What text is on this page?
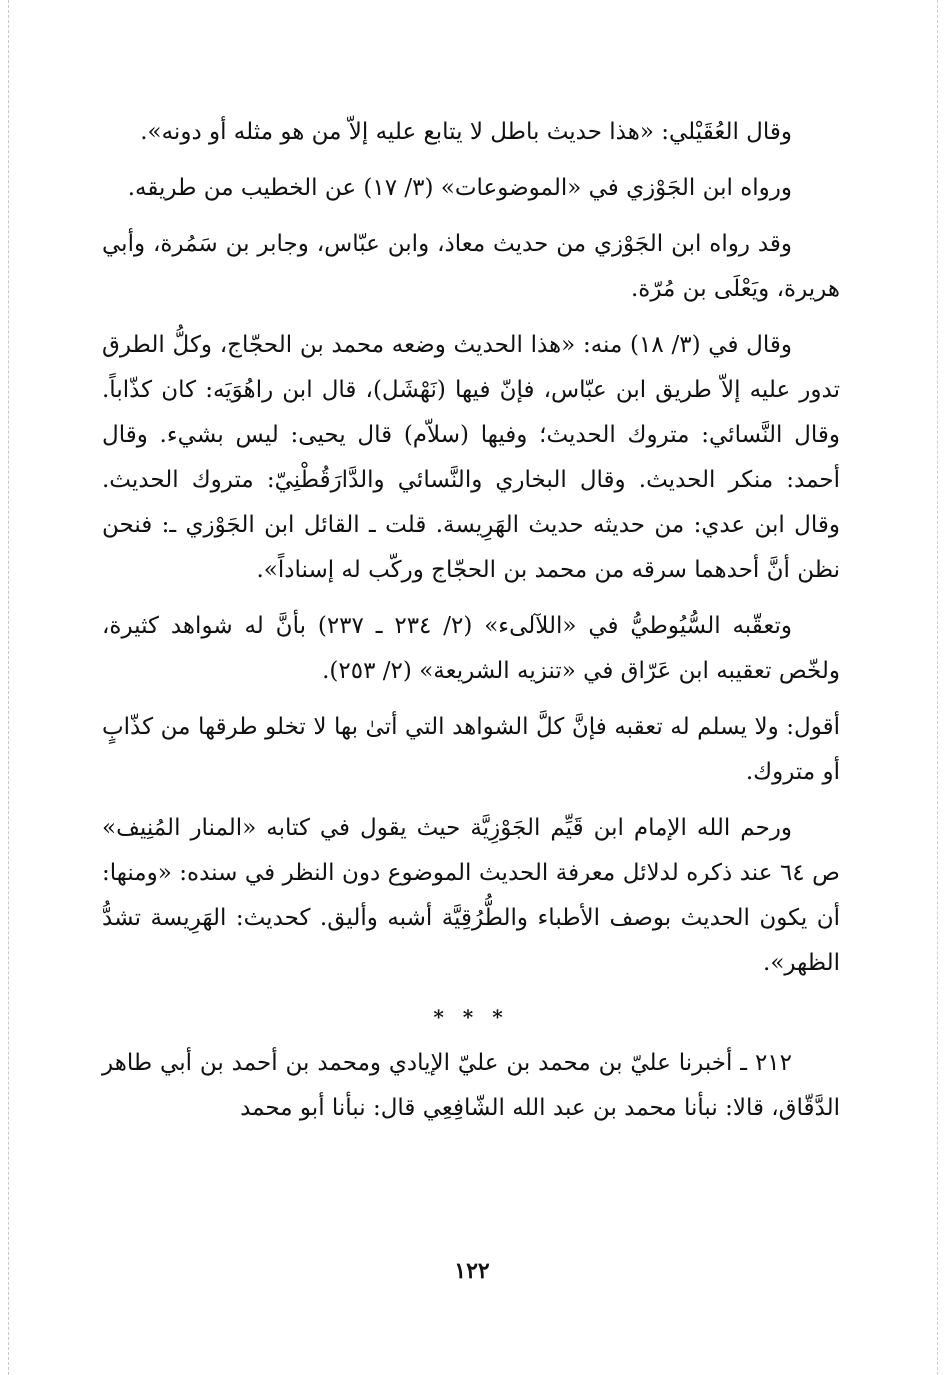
وقال العُقَيْلي: «هذا حديث باطل لا يتابع عليه إلاّ من هو مثله أو دونه».

ورواه ابن الجَوْزي في «الموضوعات» (٣/ ١٧) عن الخطيب من طريقه.

وقد رواه ابن الجَوْزي من حديث معاذ، وابن عبّاس، وجابر بن سَمُرة، وأبي هريرة، ويَعْلَى بن مُرّة.

وقال في (٣/ ١٨) منه: «هذا الحديث وضعه محمد بن الحجّاج، وكلُّ الطرق تدور عليه إلاّ طريق ابن عبّاس، فإنّ فيها (نَهْشَل)، قال ابن راهُوَيَه: كان كذّاباً. وقال النَّسائي: متروك الحديث؛ وفيها (سلاّم) قال يحيى: ليس بشيء. وقال أحمد: منكر الحديث. وقال البخاري والنَّسائي والدَّارَقُطْنِيّ: متروك الحديث. وقال ابن عدي: من حديثه حديث الهَرِيسة. قلت ـ القائل ابن الجَوْزي ـ: فنحن نظن أنَّ أحدهما سرقه من محمد بن الحجّاج وركّب له إسناداً».

وتعقّبه السُّيُوطيُّ في «اللآلىء» (٢/ ٢٣٤ ـ ٢٣٧) بأنَّ له شواهد كثيرة، ولخّص تعقيبه ابن عَرّاق في «تنزيه الشريعة» (٢/ ٢٥٣).

أقول: ولا يسلم له تعقبه فإنَّ كلَّ الشواهد التي أتىٰ بها لا تخلو طرقها من كذّابٍ أو متروك.

ورحم الله الإمام ابن قَيِّم الجَوْزِيَّة حيث يقول في كتابه «المنار المُنِيف» ص ٦٤ عند ذكره لدلائل معرفة الحديث الموضوع دون النظر في سنده: «ومنها: أن يكون الحديث بوصف الأطباء والطُّرُقِيَّة أشبه وأليق. كحديث: الهَرِيسة تشدُّ الظهر».

* * *

٢١٢ ـ أخبرنا عليّ بن محمد بن عليّ الإيادي ومحمد بن أحمد بن أبي طاهر الدَّقّاق، قالا: نبأنا محمد بن عبد الله الشّافِعِي قال: نبأنا أبو محمد

١٢٢
